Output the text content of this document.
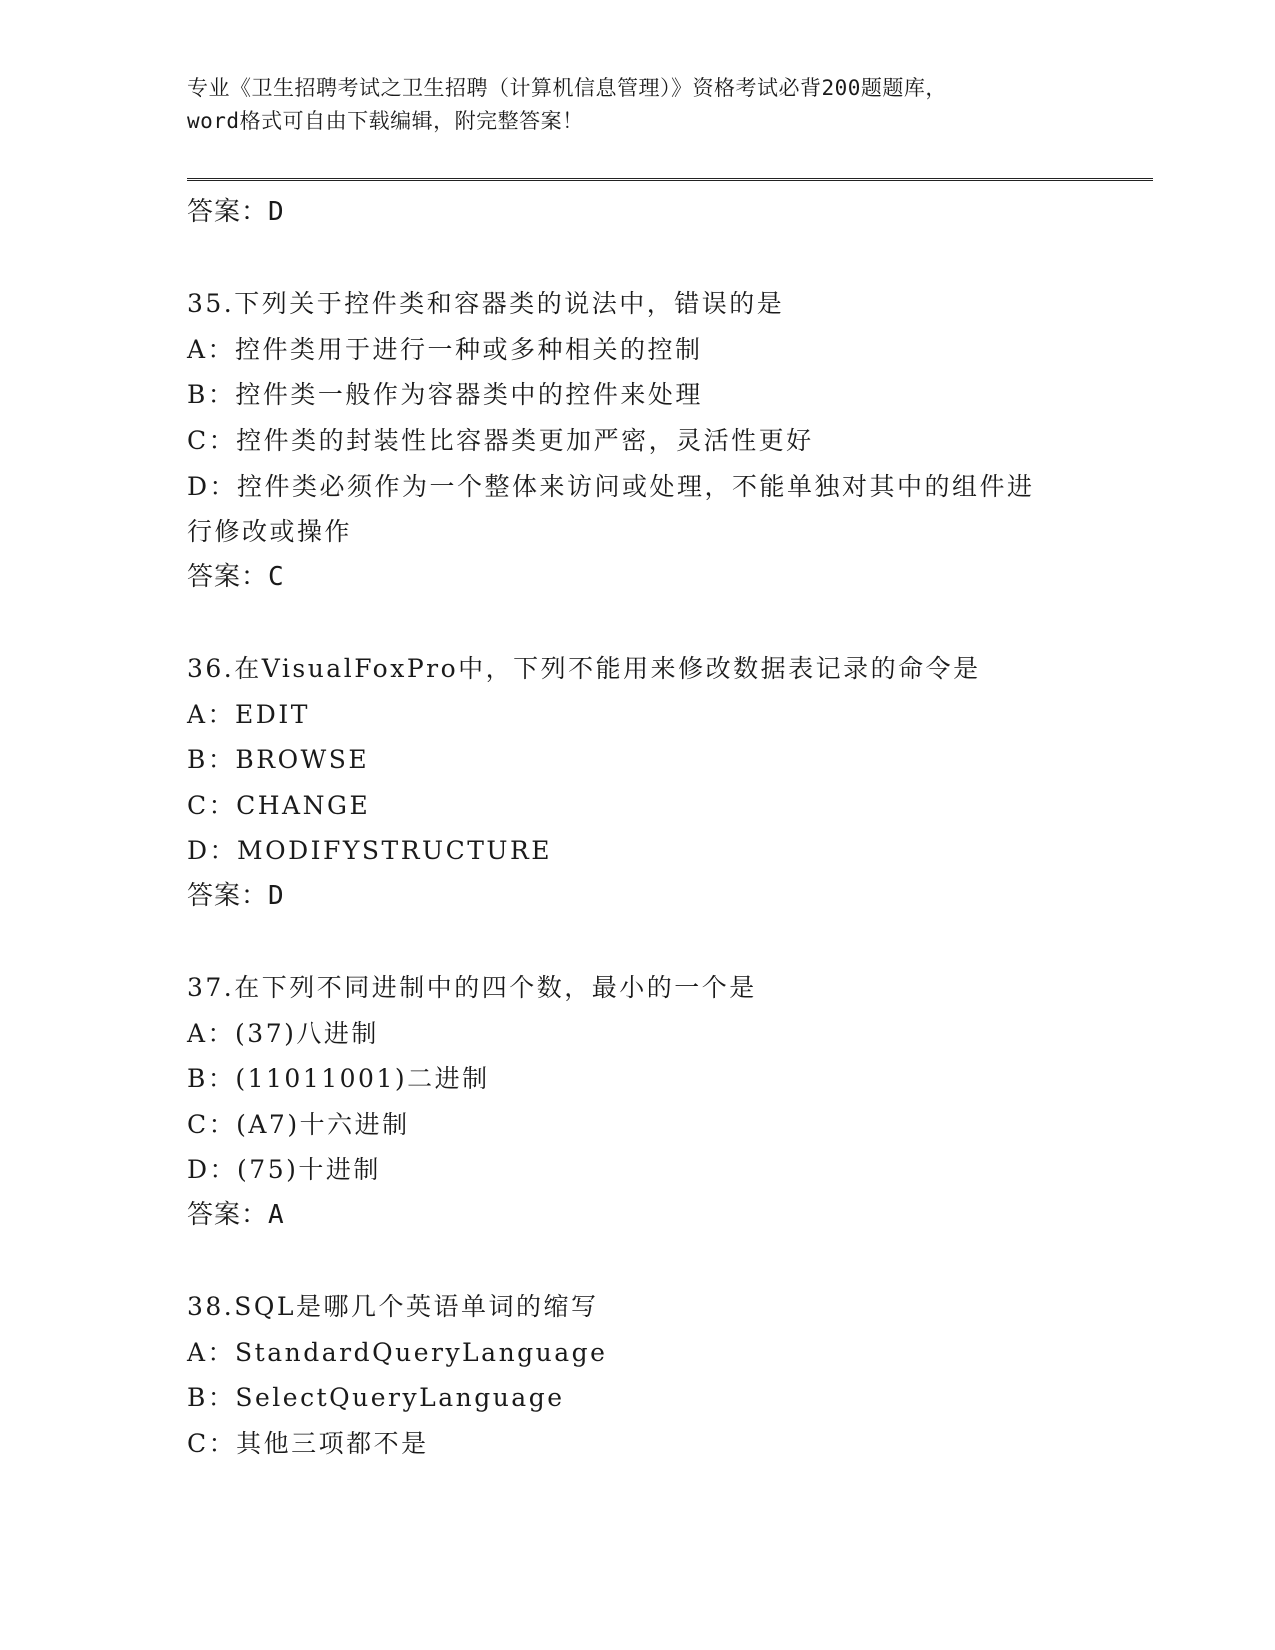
专业《卫生招聘考试之卫生招聘（计算机信息管理）》资格考试必背200题题库，
word格式可自由下载编辑，附完整答案！
答案：D
35.下列关于控件类和容器类的说法中，错误的是
A：控件类用于进行一种或多种相关的控制
B：控件类一般作为容器类中的控件来处理
C：控件类的封装性比容器类更加严密，灵活性更好
D：控件类必须作为一个整体来访问或处理，不能单独对其中的组件进
行修改或操作
答案：C
36.在VisualFoxPro中，下列不能用来修改数据表记录的命令是
A：EDIT
B：BROWSE
C：CHANGE
D：MODIFYSTRUCTURE
答案：D
37.在下列不同进制中的四个数，最小的一个是
A：(37)八进制
B：(11011001)二进制
C：(A7)十六进制
D：(75)十进制
答案：A
38.SQL是哪几个英语单词的缩写
A：StandardQueryLanguage
B：SelectQueryLanguage
C：其他三项都不是
